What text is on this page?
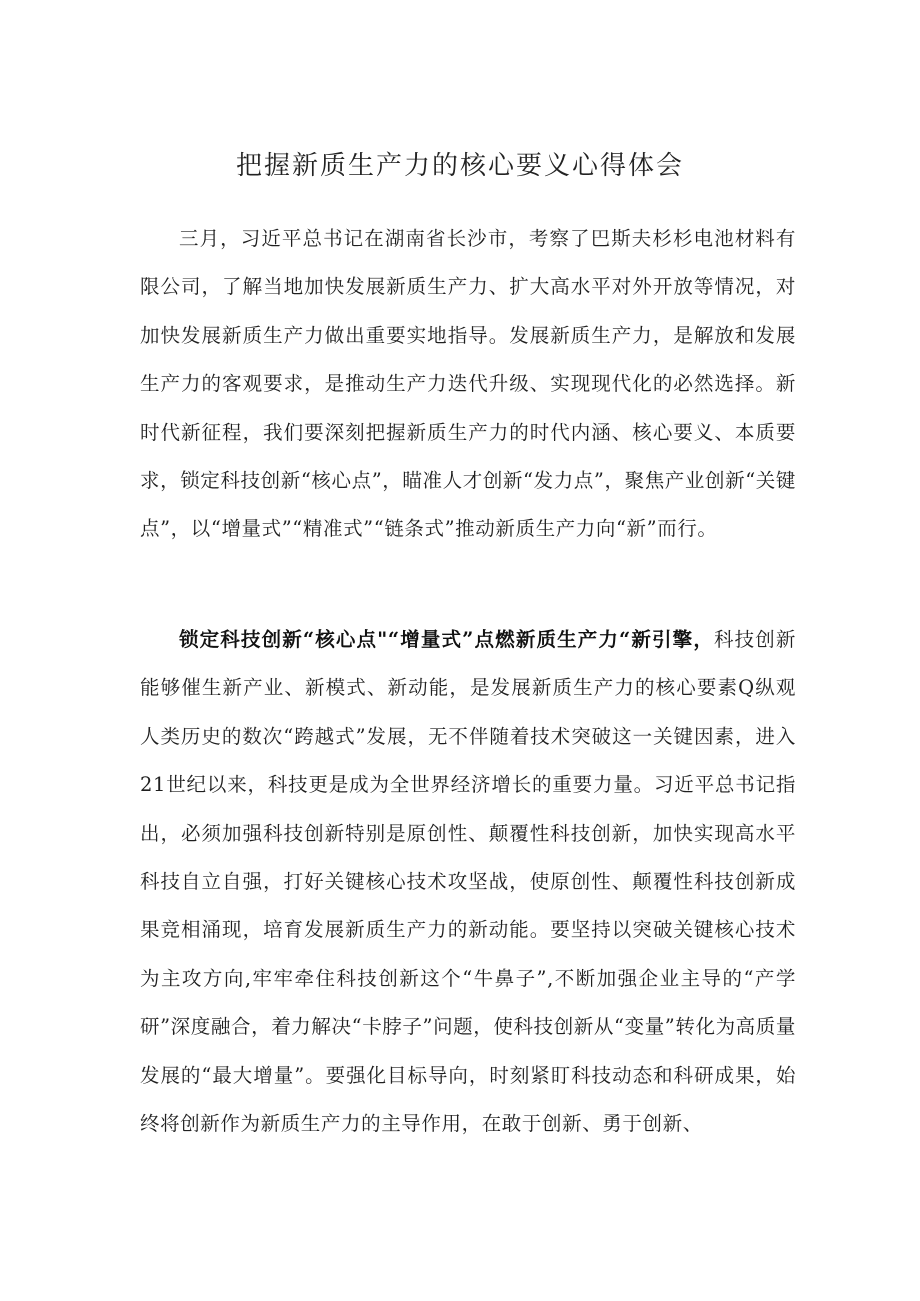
把握新质生产力的核心要义心得体会

三月，习近平总书记在湖南省长沙市，考察了巴斯夫杉杉电池材料有限公司，了解当地加快发展新质生产力、扩大高水平对外开放等情况，对加快发展新质生产力做出重要实地指导。发展新质生产力，是解放和发展生产力的客观要求，是推动生产力迭代升级、实现现代化的必然选择。新时代新征程，我们要深刻把握新质生产力的时代内涵、核心要义、本质要求，锁定科技创新“核心点”，瞄准人才创新“发力点”，聚焦产业创新“关键点”，以“增量式”“精准式”“链条式”推动新质生产力向“新”而行。

锁定科技创新“核心点"“增量式”点燃新质生产力“新引擎，科技创新能够催生新产业、新模式、新动能，是发展新质生产力的核心要素Q纵观人类历史的数次“跨越式”发展，无不伴随着技术突破这一关键因素，进入21世纪以来，科技更是成为全世界经济增长的重要力量。习近平总书记指出，必须加强科技创新特别是原创性、颠覆性科技创新，加快实现高水平科技自立自强，打好关键核心技术攻坚战，使原创性、颠覆性科技创新成果竞相涌现，培育发展新质生产力的新动能。要坚持以突破关键核心技术为主攻方向,牢牢牵住科技创新这个“牛鼻子”,不断加强企业主导的“产学研”深度融合，着力解决“卡脖子”问题，使科技创新从“变量”转化为高质量发展的“最大增量”。要强化目标导向，时刻紧盯科技动态和科研成果，始终将创新作为新质生产力的主导作用，在敢于创新、勇于创新、
